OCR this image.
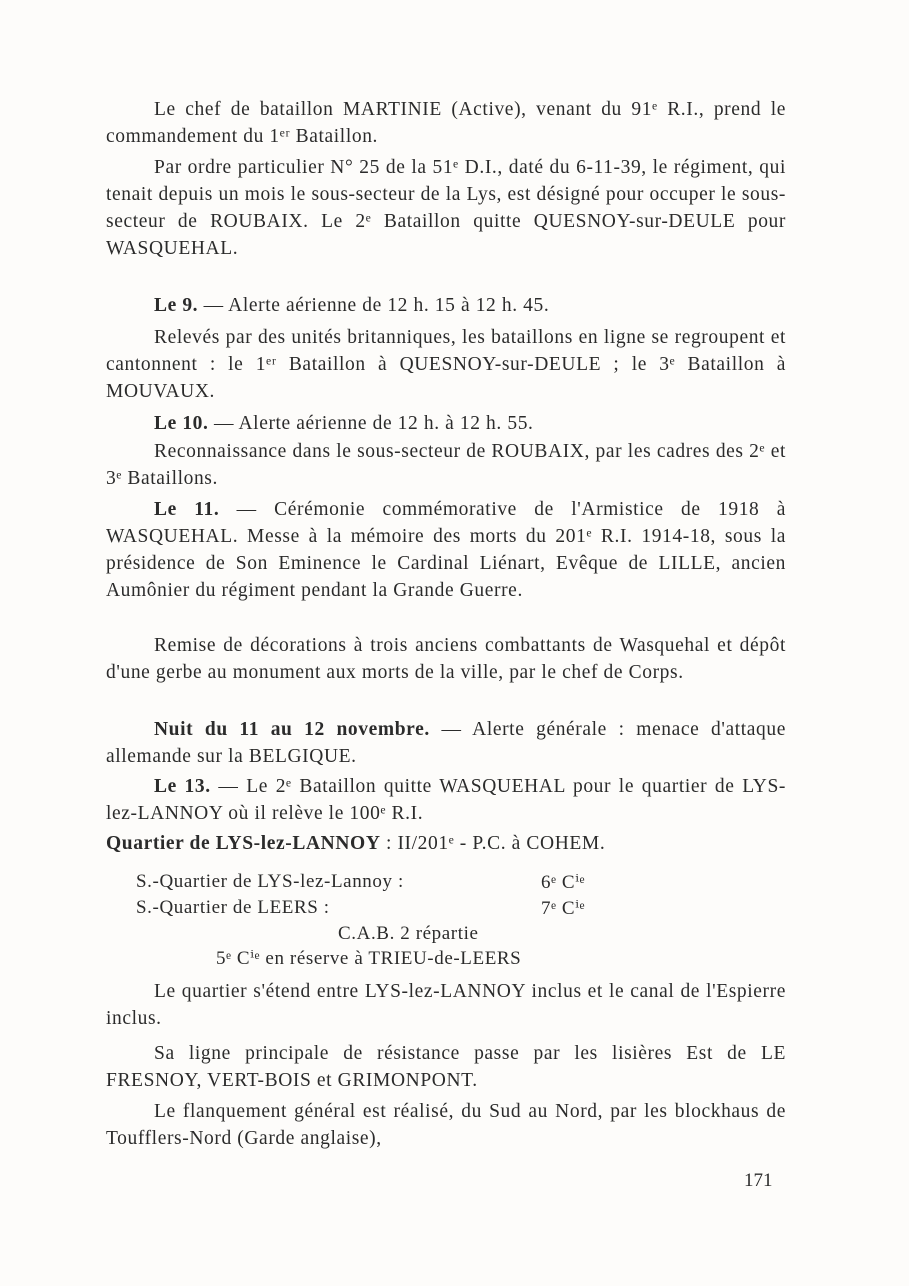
Le chef de bataillon MARTINIE (Active), venant du 91ᵉ R.I., prend le commandement du 1ᵉʳ Bataillon.

Par ordre particulier N° 25 de la 51ᵉ D.I., daté du 6-11-39, le régiment, qui tenait depuis un mois le sous-secteur de la Lys, est désigné pour occuper le sous-secteur de ROUBAIX. Le 2ᵉ Bataillon quitte QUESNOY-sur-DEULE pour WASQUEHAL.

Le 9. — Alerte aérienne de 12 h. 15 à 12 h. 45.

Relevés par des unités britanniques, les bataillons en ligne se regroupent et cantonnent : le 1ᵉʳ Bataillon à QUESNOY-sur-DEULE ; le 3ᵉ Bataillon à MOUVAUX.

Le 10. — Alerte aérienne de 12 h. à 12 h. 55.

Reconnaissance dans le sous-secteur de ROUBAIX, par les cadres des 2ᵉ et 3ᵉ Bataillons.

Le 11. — Cérémonie commémorative de l'Armistice de 1918 à WASQUEHAL. Messe à la mémoire des morts du 201ᵉ R.I. 1914-18, sous la présidence de Son Eminence le Cardinal Liénart, Evêque de LILLE, ancien Aumônier du régiment pendant la Grande Guerre.

Remise de décorations à trois anciens combattants de Wasquehal et dépôt d'une gerbe au monument aux morts de la ville, par le chef de Corps.

Nuit du 11 au 12 novembre. — Alerte générale : menace d'attaque allemande sur la BELGIQUE.

Le 13. — Le 2ᵉ Bataillon quitte WASQUEHAL pour le quartier de LYS-lez-LANNOY où il relève le 100ᵉ R.I.

Quartier de LYS-lez-LANNOY : II/201ᵉ - P.C. à COHEM.

S.-Quartier de LYS-lez-Lannoy :	6ᵉ Cⁱᵉ
S.-Quartier de LEERS :	7ᵉ Cⁱᵉ
C.A.B. 2 répartie
5ᵉ Cⁱᵉ en réserve à TRIEU-de-LEERS

Le quartier s'étend entre LYS-lez-LANNOY inclus et le canal de l'Espierre inclus.

Sa ligne principale de résistance passe par les lisières Est de LE FRESNOY, VERT-BOIS et GRIMONPONT.

Le flanquement général est réalisé, du Sud au Nord, par les blockhaus de Toufflers-Nord (Garde anglaise),

171
